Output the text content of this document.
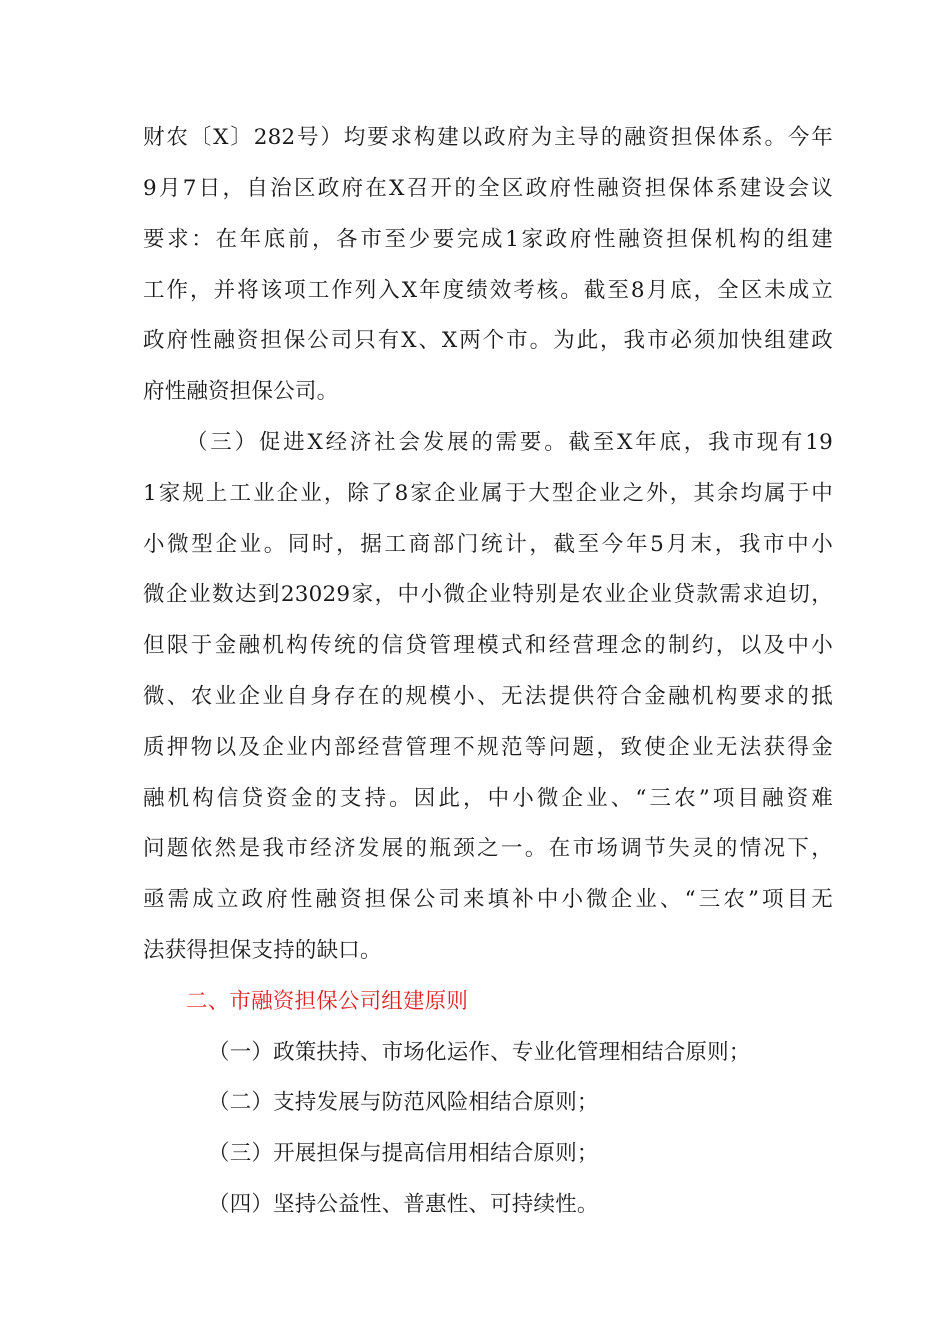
财农〔X〕282号）均要求构建以政府为主导的融资担保体系。今年
9月7日，自治区政府在X召开的全区政府性融资担保体系建设会议
要求：在年底前，各市至少要完成1家政府性融资担保机构的组建
工作，并将该项工作列入X年度绩效考核。截至8月底，全区未成立
政府性融资担保公司只有X、X两个市。为此，我市必须加快组建政
府性融资担保公司。
（三）促进X经济社会发展的需要。截至X年底，我市现有19
1家规上工业企业，除了8家企业属于大型企业之外，其余均属于中
小微型企业。同时，据工商部门统计，截至今年5月末，我市中小
微企业数达到23029家，中小微企业特别是农业企业贷款需求迫切，
但限于金融机构传统的信贷管理模式和经营理念的制约，以及中小
微、农业企业自身存在的规模小、无法提供符合金融机构要求的抵
质押物以及企业内部经营管理不规范等问题，致使企业无法获得金
融机构信贷资金的支持。因此，中小微企业、“三农”项目融资难
问题依然是我市经济发展的瓶颈之一。在市场调节失灵的情况下，
亟需成立政府性融资担保公司来填补中小微企业、“三农”项目无
法获得担保支持的缺口。
二、市融资担保公司组建原则
（一）政策扶持、市场化运作、专业化管理相结合原则；
（二）支持发展与防范风险相结合原则；
（三）开展担保与提高信用相结合原则；
（四）坚持公益性、普惠性、可持续性。
